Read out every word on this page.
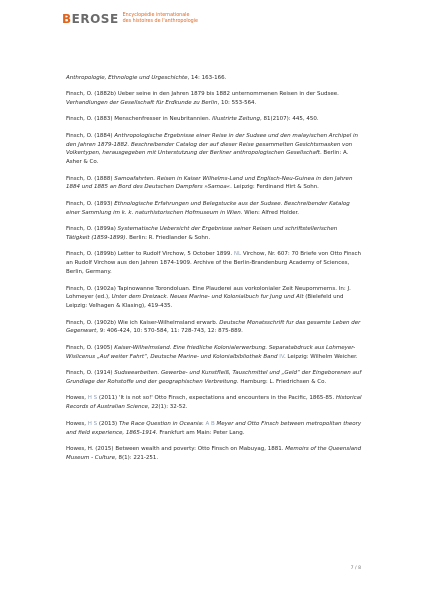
BEROSE Encyclopédie internationale
des histoires de l'anthropologie

Anthropologie, Ethnologie und Urgeschichte, 14: 163-166.

Finsch, O. (1882b) Ueber seine in den Jahren 1879 bis 1882 unternommenen Reisen in der Sudsee. Verhandlungen der Gesellschaft für Erdkunde zu Berlin, 10: 553-564.

Finsch, O. (1883) Menschenfresser in Neubritannien. Illustrirte Zeitung, 81(2107): 445, 450.

Finsch, O. (1884) Anthropologische Ergebnisse einer Reise in der Sudsee und den malayischen Archipel in den Jahren 1879-1882. Beschreibender Catalog der auf dieser Reise gesammelten Gesichtsmasken von Volkertypen, herausgegeben mit Unterstutzung der Berliner anthropologischen Gesellschaft. Berlin: A. Asher & Co.

Finsch, O. (1888) Samoafahrten. Reisen in Kaiser Wilhelms-Land und Englisch-Neu-Guinea in den Jahren 1884 und 1885 an Bord des Deutschen Dampfers »Samoa«. Leipzig: Ferdinand Hirt & Sohn.

Finsch, O. (1893) Ethnologische Erfahrungen und Belegstucke aus der Sudsee. Beschreibender Katalog einer Sammlung im k. k. naturhistorischen Hofmuseum in Wien. Wien: Alfred Holder.

Finsch, O. (1899a) Systematische Uebersicht der Ergebnisse seiner Reisen und schriftstellerischen Tätigkeit (1859-1899). Berlin: R. Friedlander & Sohn.

Finsch, O. (1899b) Letter to Rudolf Virchow, 5 October 1899. NL Virchow, Nr. 607: 70 Briefe von Otto Finsch an Rudolf Virchow aus den Jahren 1874-1909. Archive of the Berlin-Brandenburg Academy of Sciences, Berlin, Germany.

Finsch, O. (1902a) Tapinowanne Torondoluan. Eine Plauderei aus vorkolonialer Zeit Neupommerns. In: J. Lohmeyer (ed.), Unter dem Dreizack. Neues Marine- und Kolonialbuch fur Jung und Alt (Bielefeld und Leipzig: Velhagen & Klasing), 419-435.

Finsch, O. (1902b) Wie ich Kaiser-Wilhelmsland erwarb. Deutsche Monatsschrift fur das gesamte Leben der Gegenwart, 9: 406-424, 10: 570-584, 11: 728-743, 12: 875-889.

Finsch, O. (1905) Kaiser-Wilhelmsland. Eine friedliche Kolonialerwerbung. Separatabdruck aus Lohmeyer-Wislicenus „Auf weiter Fahrt“, Deutsche Marine- und Kolonialbibliothek Band IV. Leipzig: Wilhelm Weicher.

Finsch, O. (1914) Sudseearbeiten. Gewerbe- und Kunstfleiß, Tauschmittel und „Geld“ der Eingeborenen auf Grundlage der Rohstoffe und der geographischen Verbreitung. Hamburg: L. Friedrichsen & Co.

Howes, H S (2011) 'It is not so!' Otto Finsch, expectations and encounters in the Pacific, 1865-85. Historical Records of Australian Science, 22(1): 32-52.

Howes, H S (2013) The Race Question in Oceania: A B Meyer and Otto Finsch between metropolitan theory and field experience, 1865-1914. Frankfurt am Main: Peter Lang.

Howes, H. (2015) Between wealth and poverty: Otto Finsch on Mabuyag, 1881. Memoirs of the Queensland Museum - Culture, 8(1): 221-251.

7 / 8
